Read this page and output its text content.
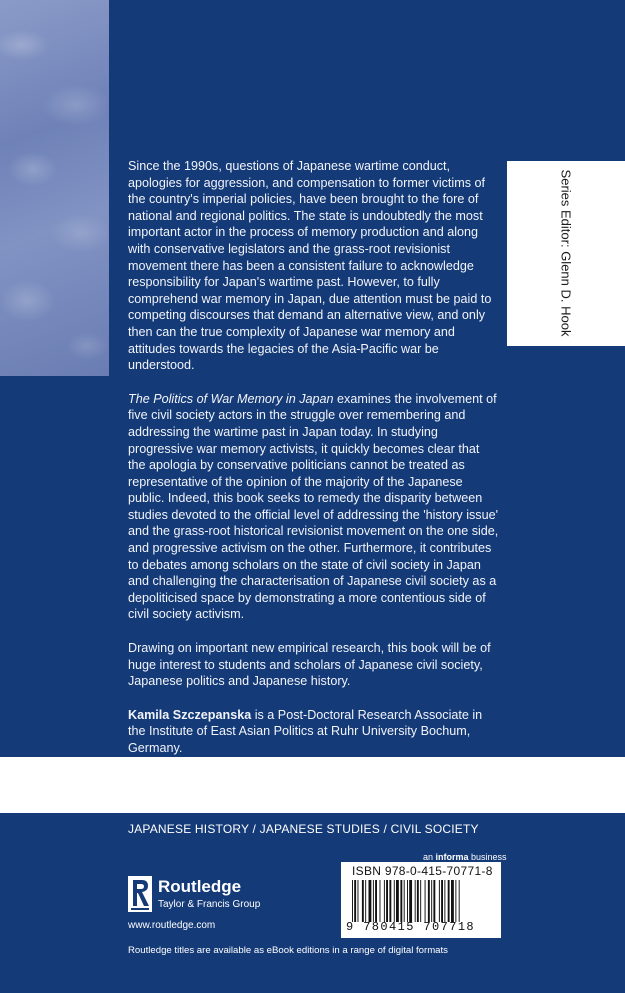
Series Editor: Glenn D. Hook

Since the 1990s, questions of Japanese wartime conduct, apologies for aggression, and compensation to former victims of the country's imperial policies, have been brought to the fore of national and regional politics. The state is undoubtedly the most important actor in the process of memory production and along with conservative legislators and the grass-root revisionist movement there has been a consistent failure to acknowledge responsibility for Japan's wartime past. However, to fully comprehend war memory in Japan, due attention must be paid to competing discourses that demand an alternative view, and only then can the true complexity of Japanese war memory and attitudes towards the legacies of the Asia-Pacific war be understood.

The Politics of War Memory in Japan examines the involvement of five civil society actors in the struggle over remembering and addressing the wartime past in Japan today. In studying progressive war memory activists, it quickly becomes clear that the apologia by conservative politicians cannot be treated as representative of the opinion of the majority of the Japanese public. Indeed, this book seeks to remedy the disparity between studies devoted to the official level of addressing the 'history issue' and the grass-root historical revisionist movement on the one side, and progressive activism on the other. Furthermore, it contributes to debates among scholars on the state of civil society in Japan and challenging the characterisation of Japanese civil society as a depoliticised space by demonstrating a more contentious side of civil society activism.

Drawing on important new empirical research, this book will be of huge interest to students and scholars of Japanese civil society, Japanese politics and Japanese history.

Kamila Szczepanska is a Post-Doctoral Research Associate in the Institute of East Asian Politics at Ruhr University Bochum, Germany.

JAPANESE HISTORY / JAPANESE STUDIES / CIVIL SOCIETY
Routledge
Taylor & Francis Group
www.routledge.com
Routledge titles are available as eBook editions in a range of digital formats
an informa business
ISBN 978-0-415-70771-8
9 780415 707718
